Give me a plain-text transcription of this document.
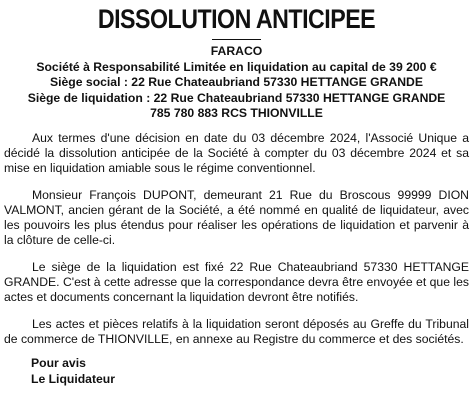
DISSOLUTION ANTICIPEE
FARACO
Société à Responsabilité Limitée en liquidation au capital de 39 200 €
Siège social : 22 Rue Chateaubriand 57330 HETTANGE GRANDE
Siège de liquidation : 22 Rue Chateaubriand 57330 HETTANGE GRANDE
785 780 883 RCS THIONVILLE

Aux termes d'une décision en date du 03 décembre 2024, l'Associé Unique a décidé la dissolution anticipée de la Société à compter du 03 décembre 2024 et sa mise en liquidation amiable sous le régime conventionnel.

Monsieur François DUPONT, demeurant 21 Rue du Broscous 99999 DION VALMONT, ancien gérant de la Société, a été nommé en qualité de liquidateur, avec les pouvoirs les plus étendus pour réaliser les opérations de liquidation et parvenir à la clôture de celle-ci.

Le siège de la liquidation est fixé 22 Rue Chateaubriand 57330 HETTANGE GRANDE. C'est à cette adresse que la correspondance devra être envoyée et que les actes et documents concernant la liquidation devront être notifiés.

Les actes et pièces relatifs à la liquidation seront déposés au Greffe du Tribunal de commerce de THIONVILLE, en annexe au Registre du commerce et des sociétés.

Pour avis
Le Liquidateur
